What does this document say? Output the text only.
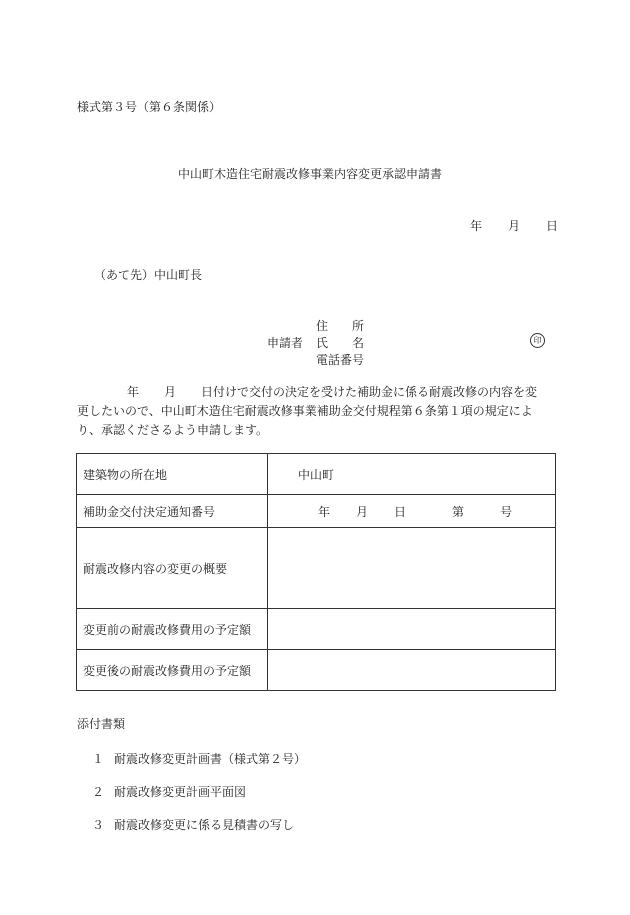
様式第３号（第６条関係）
中山町木造住宅耐震改修事業内容変更承認申請書
年 月 日
（あて先）中山町長
住　　所
申請者 氏　　名
電話番号
印
年 月 日付けで交付の決定を受けた補助金に係る耐震改修の内容を変
更したいので、中山町木造住宅耐震改修事業補助金交付規程第６条第１項の規定によ
り、承認くださるよう申請します。
建築物の所在地	中山町
補助金交付決定通知番号	年 月 日 第 号
耐震改修内容の変更の概要	
変更前の耐震改修費用の予定額	
変更後の耐震改修費用の予定額	
添付書類
１ 耐震改修変更計画書（様式第２号）
２ 耐震改修変更計画平面図
３ 耐震改修変更に係る見積書の写し
